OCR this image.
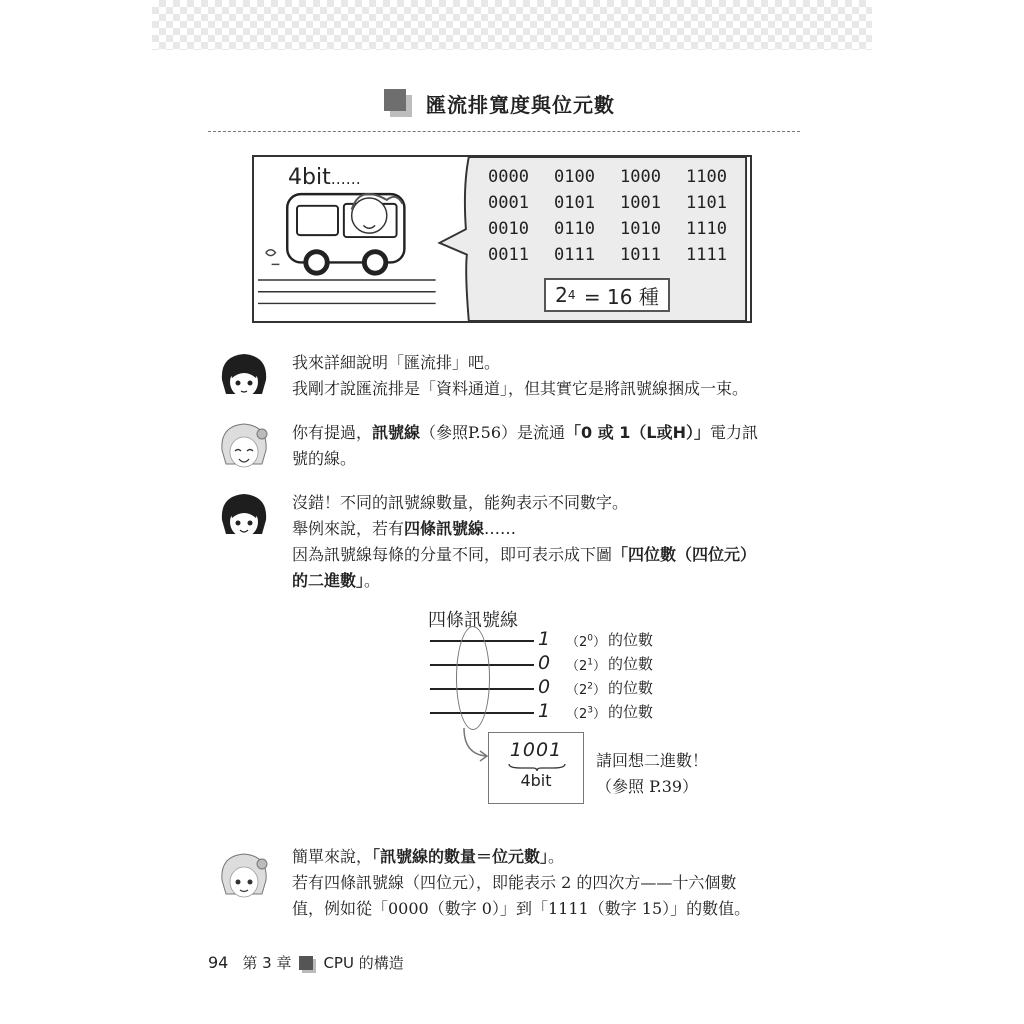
匯流排寬度與位元數
4bit……	0000	0100	1000	1100
0001	0101	1001	1101
0010	0110	1010	1110
0011	0111	1011	1111
2 4
= 16 種
我來詳細說明「匯流排」吧。
我剛才說匯流排是「資料通道」，但其實它是將訊號線捆成一束。
你有提過，訊號線（參照P.56）是流通「0 或 1（L或H）」電力訊
號的線。
沒錯！不同的訊號線數量，能夠表示不同數字。
舉例來說，若有四條訊號線……
因為訊號線每條的分量不同，即可表示成下圖「四位數（四位元）
的二進數」。
四條訊號線
1 $(2^0)$ 的位數
0 $(2^1)$ 的位數
0 $(2^2)$ 的位數
1 $(2^3)$ 的位數
1001
4bit
請回想二進數！
（參照 P.39）
簡單來說，「訊號線的數量＝位元數」。
若有四條訊號線（四位元），即能表示 2 的四次方——十六個數
值，例如從「0000（數字 0）」到「1111（數字 15）」的數值。
94 第 3 章 CPU 的構造
